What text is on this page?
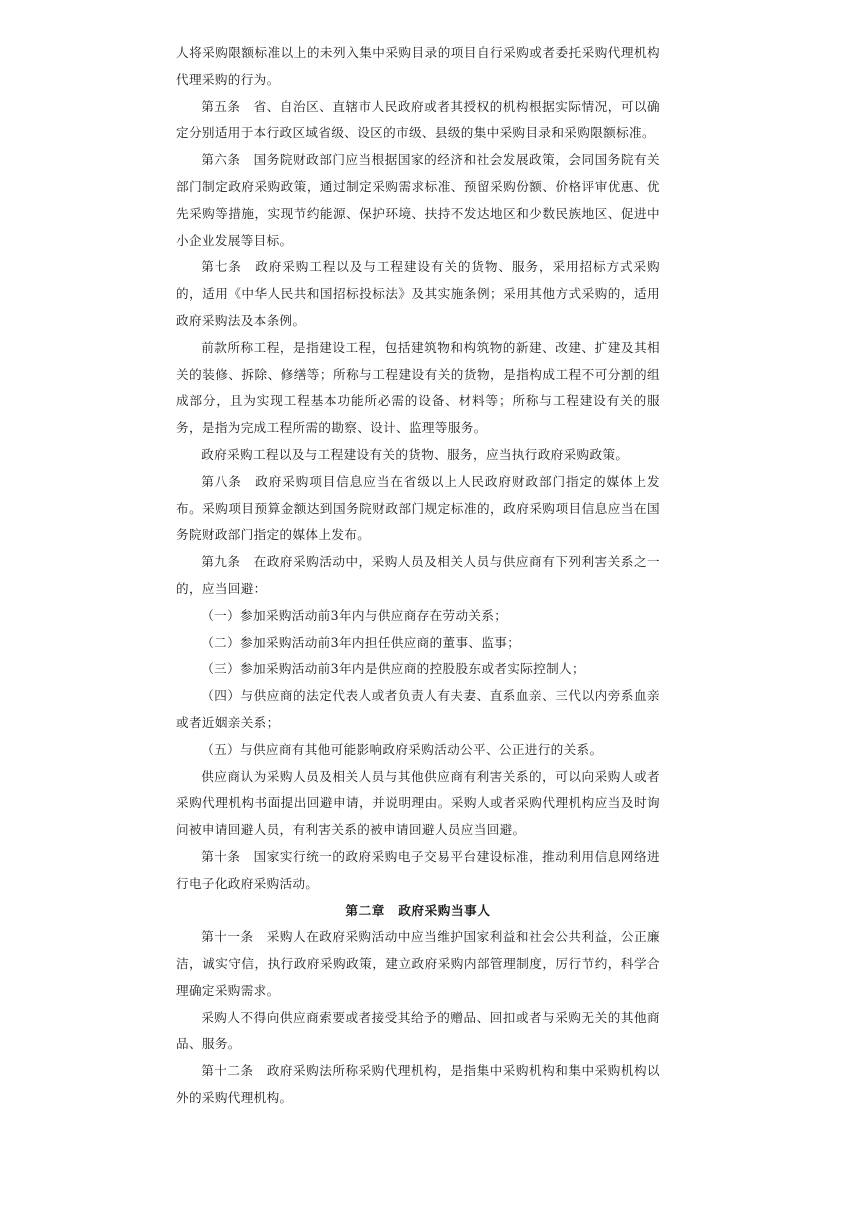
人将采购限额标准以上的未列入集中采购目录的项目自行采购或者委托采购代理机构代理采购的行为。

第五条　省、自治区、直辖市人民政府或者其授权的机构根据实际情况，可以确定分别适用于本行政区域省级、设区的市级、县级的集中采购目录和采购限额标准。

第六条　国务院财政部门应当根据国家的经济和社会发展政策，会同国务院有关部门制定政府采购政策，通过制定采购需求标准、预留采购份额、价格评审优惠、优先采购等措施，实现节约能源、保护环境、扶持不发达地区和少数民族地区、促进中小企业发展等目标。

第七条　政府采购工程以及与工程建设有关的货物、服务，采用招标方式采购的，适用《中华人民共和国招标投标法》及其实施条例；采用其他方式采购的，适用政府采购法及本条例。

前款所称工程，是指建设工程，包括建筑物和构筑物的新建、改建、扩建及其相关的装修、拆除、修缮等；所称与工程建设有关的货物，是指构成工程不可分割的组成部分，且为实现工程基本功能所必需的设备、材料等；所称与工程建设有关的服务，是指为完成工程所需的勘察、设计、监理等服务。

政府采购工程以及与工程建设有关的货物、服务，应当执行政府采购政策。

第八条　政府采购项目信息应当在省级以上人民政府财政部门指定的媒体上发布。采购项目预算金额达到国务院财政部门规定标准的，政府采购项目信息应当在国务院财政部门指定的媒体上发布。

第九条　在政府采购活动中，采购人员及相关人员与供应商有下列利害关系之一的，应当回避：

（一）参加采购活动前3年内与供应商存在劳动关系；

（二）参加采购活动前3年内担任供应商的董事、监事；

（三）参加采购活动前3年内是供应商的控股股东或者实际控制人；

（四）与供应商的法定代表人或者负责人有夫妻、直系血亲、三代以内旁系血亲或者近姻亲关系；

（五）与供应商有其他可能影响政府采购活动公平、公正进行的关系。

供应商认为采购人员及相关人员与其他供应商有利害关系的，可以向采购人或者采购代理机构书面提出回避申请，并说明理由。采购人或者采购代理机构应当及时询问被申请回避人员，有利害关系的被申请回避人员应当回避。

第十条　国家实行统一的政府采购电子交易平台建设标准，推动利用信息网络进行电子化政府采购活动。

第二章　政府采购当事人

第十一条　采购人在政府采购活动中应当维护国家利益和社会公共利益，公正廉洁，诚实守信，执行政府采购政策，建立政府采购内部管理制度，厉行节约，科学合理确定采购需求。

采购人不得向供应商索要或者接受其给予的赠品、回扣或者与采购无关的其他商品、服务。

第十二条　政府采购法所称采购代理机构，是指集中采购机构和集中采购机构以外的采购代理机构。
